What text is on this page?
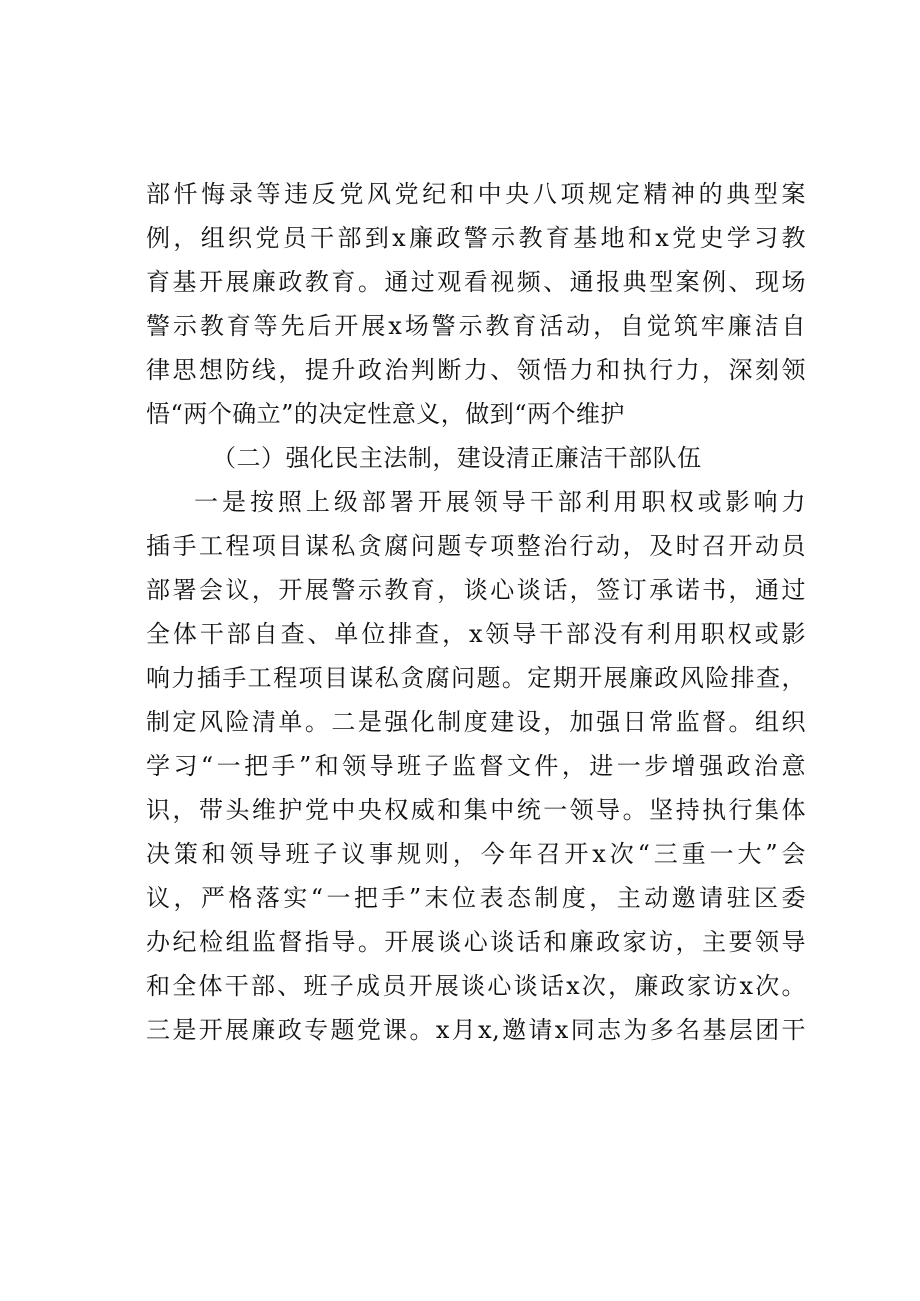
部忏悔录等违反党风党纪和中央八项规定精神的典型案
例，组织党员干部到x廉政警示教育基地和x党史学习教
育基开展廉政教育。通过观看视频、通报典型案例、现场
警示教育等先后开展x场警示教育活动，自觉筑牢廉洁自
律思想防线，提升政治判断力、领悟力和执行力，深刻领
悟“两个确立”的决定性意义，做到“两个维护
（二）强化民主法制，建设清正廉洁干部队伍
一是按照上级部署开展领导干部利用职权或影响力
插手工程项目谋私贪腐问题专项整治行动，及时召开动员
部署会议，开展警示教育，谈心谈话，签订承诺书，通过
全体干部自查、单位排查，x领导干部没有利用职权或影
响力插手工程项目谋私贪腐问题。定期开展廉政风险排查，
制定风险清单。二是强化制度建设，加强日常监督。组织
学习“一把手”和领导班子监督文件，进一步增强政治意
识，带头维护党中央权威和集中统一领导。坚持执行集体
决策和领导班子议事规则，今年召开x次“三重一大”会
议，严格落实“一把手”末位表态制度，主动邀请驻区委
办纪检组监督指导。开展谈心谈话和廉政家访，主要领导
和全体干部、班子成员开展谈心谈话x次，廉政家访x次。
三是开展廉政专题党课。x月x,邀请x同志为多名基层团干
